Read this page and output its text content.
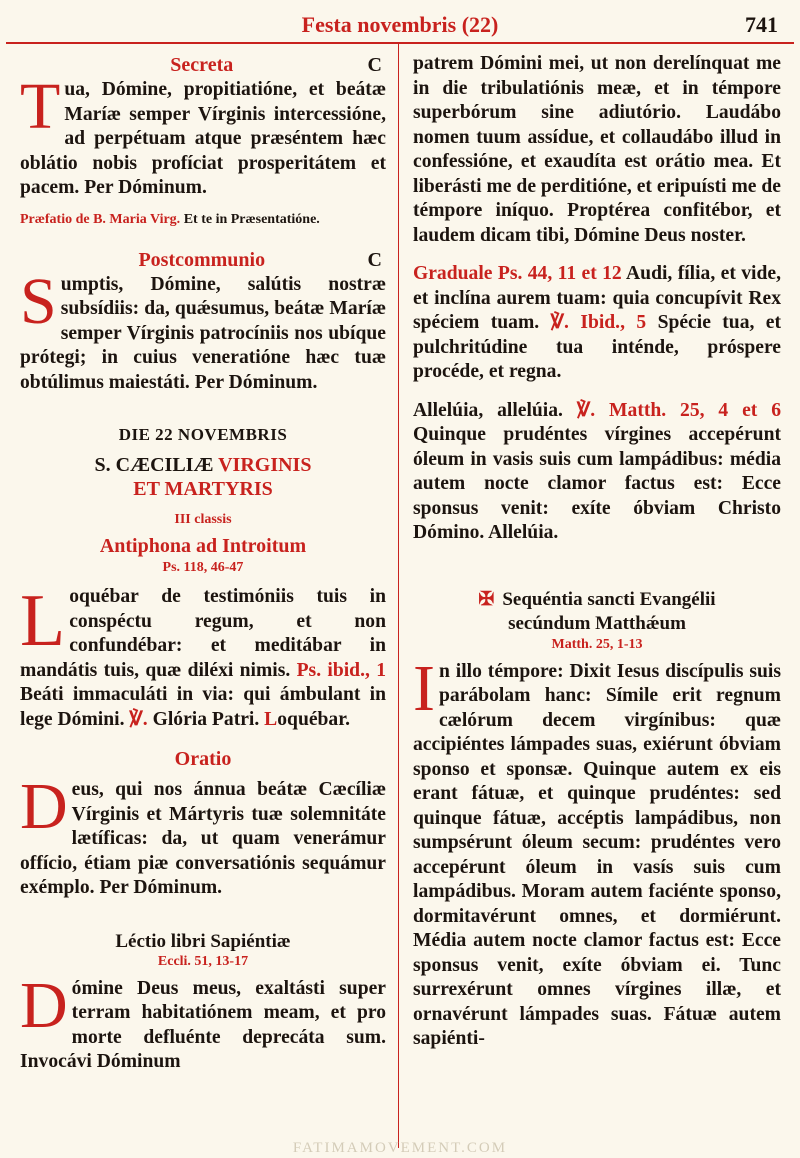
Festa novembris (22)	741
Secreta	C

Tua, Dómine, propitiatióne, et beátæ Maríæ semper Vírginis intercessióne, ad perpétuam atque præséntem hæc oblátio nobis profíciat prosperitátem et pacem. Per Dóminum.

Præfatio de B. Maria Virg. Et te in Præsentatióne.

Postcommunio	C

Sumptis, Dómine, salútis nostræ subsídiis: da, quǽsumus, beátæ Maríæ semper Vírginis patrocíniis nos ubíque prótegi; in cuius veneratióne hæc tuæ obtúlimus maiestáti. Per Dóminum.

DIE 22 NOVEMBRIS
S. CÆCILIÆ VIRGINIS
ET MARTYRIS
III classis
Antiphona ad Introitum
Ps. 118, 46-47

Loquébar de testimóniis tuis in conspéctu regum, et non confundébar: et meditábar in mandátis tuis, quæ diléxi nimis. Ps. ibid., 1 Beáti immaculáti in via: qui ámbulant in lege Dómini. ℣. Glória Patri. Loquébar.

Oratio

Deus, qui nos ánnua beátæ Cæcíliæ Vírginis et Mártyris tuæ solemnitáte lætíficas: da, ut quam venerámur offício, étiam piæ conversatiónis sequámur exémplo. Per Dóminum.

Léctio libri Sapiéntiæ
Eccli. 51, 13-17

Dómine Deus meus, exaltásti super terram habitatiónem meam, et pro morte defluénte deprecáta sum. Invocávi Dóminum

patrem Dómini mei, ut non derelínquat me in die tribulatiónis meæ, et in témpore superbórum sine adiutório. Laudábo nomen tuum assídue, et collaudábo illud in confessióne, et exaudíta est orátio mea. Et liberásti me de perditióne, et eripuísti me de témpore iníquo. Proptérea confitébor, et laudem dicam tibi, Dómine Deus noster.

Graduale Ps. 44, 11 et 12 Audi, fília, et vide, et inclína aurem tuam: quia concupívit Rex spéciem tuam. ℣. Ibid., 5 Spécie tua, et pulchritúdine tua inténde, próspere procéde, et regna.

Allelúia, allelúia. ℣. Matth. 25, 4 et 6 Quinque prudéntes vírgines accepérunt óleum in vasis suis cum lampádibus: média autem nocte clamor factus est: Ecce sponsus venit: exíte óbviam Christo Dómino. Allelúia.

✠ Sequéntia sancti Evangélii
secúndum Matthǽum
Matth. 25, 1-13

In illo témpore: Dixit Iesus discípulis suis parábolam hanc: Símile erit regnum cælórum decem virgínibus: quæ accipiéntes lámpades suas, exiérunt óbviam sponso et sponsæ. Quinque autem ex eis erant fátuæ, et quinque prudéntes: sed quinque fátuæ, accéptis lampádibus, non sumpsérunt óleum secum: prudéntes vero accepérunt óleum in vasís suis cum lampádibus. Moram autem faciénte sponso, dormitavérunt omnes, et dormiérunt. Média autem nocte clamor factus est: Ecce sponsus venit, exíte óbviam ei. Tunc surrexérunt omnes vírgines illæ, et ornavérunt lámpades suas. Fátuæ autem sapiénti-

FATIMAMOVEMENT.COM
